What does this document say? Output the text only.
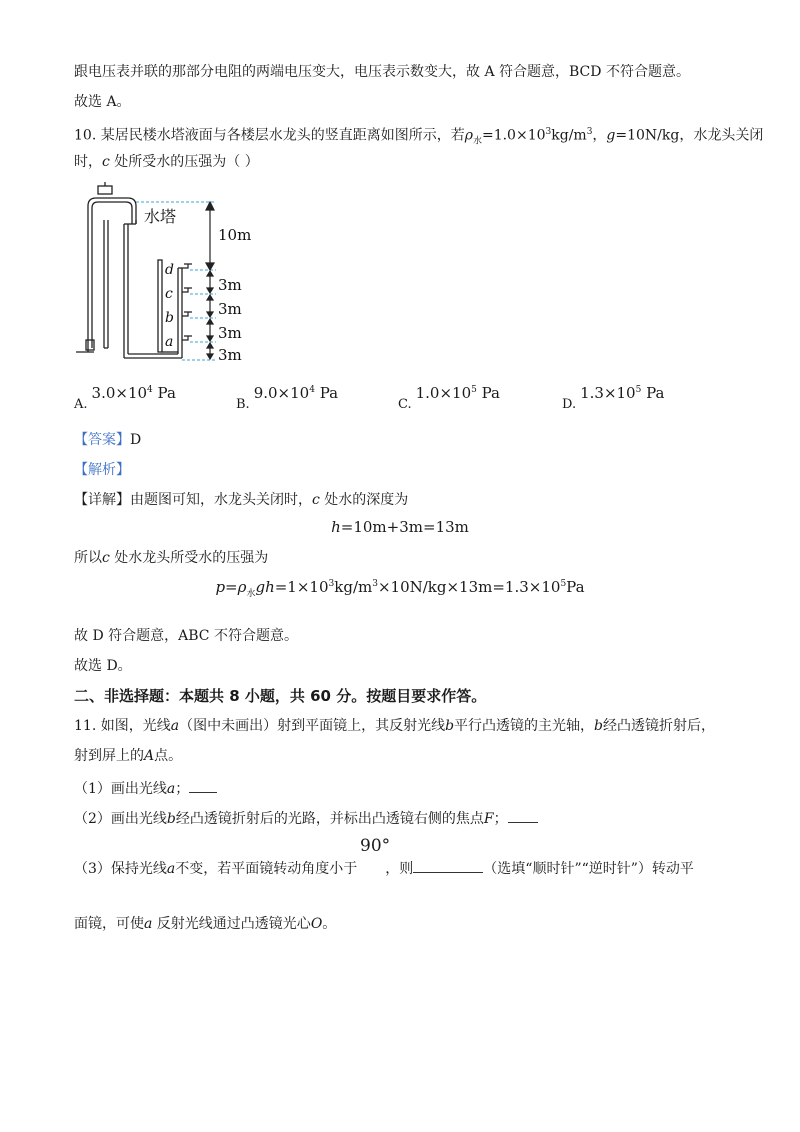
跟电压表并联的那部分电阻的两端电压变大，电压表示数变大，故 A 符合题意，BCD 不符合题意。
故选 A。
10. 某居民楼水塔液面与各楼层水龙头的竖直距离如图所示，若$\rho_水=1.0\times 10^3kg/m^3$，g=10N/kg，水龙头关闭
时，c 处所受水的压强为（ ）
水塔
10m
3m
3m
3m
3m
d
c
b
a
$A.3.0\times 10^4$ Pa
$B.9.0\times 10^4$ Pa
$C.1.0\times 10^5$ Pa
$D.1.3\times 10^5$ Pa
【答案】D
【解析】
【详解】由题图可知，水龙头关闭时，c 处水的深度为
h=10m+3m=13m
所以c 处水龙头所受水的压强为
$p=\rho_水gh=1\times 10^3kg/m^3\times 10N/kg\times 13m=1.3\times 10^5Pa$
故 D 符合题意，ABC 不符合题意。
故选 D。
二、非选择题：本题共 8 小题，共 60 分。按题目要求作答。
11. 如图，光线a（图中未画出）射到平面镜上，其反射光线b平行凸透镜的主光轴，b经凸透镜折射后，
射到屏上的A点。
（1）画出光线a；
（2）画出光线b经凸透镜折射后的光路，并标出凸透镜右侧的焦点F；
90°
（3）保持光线a不变，若平面镜转动角度小于 ，则	（选填“顺时针”“逆时针”）转动平
面镜，可使a 反射光线通过凸透镜光心O。
